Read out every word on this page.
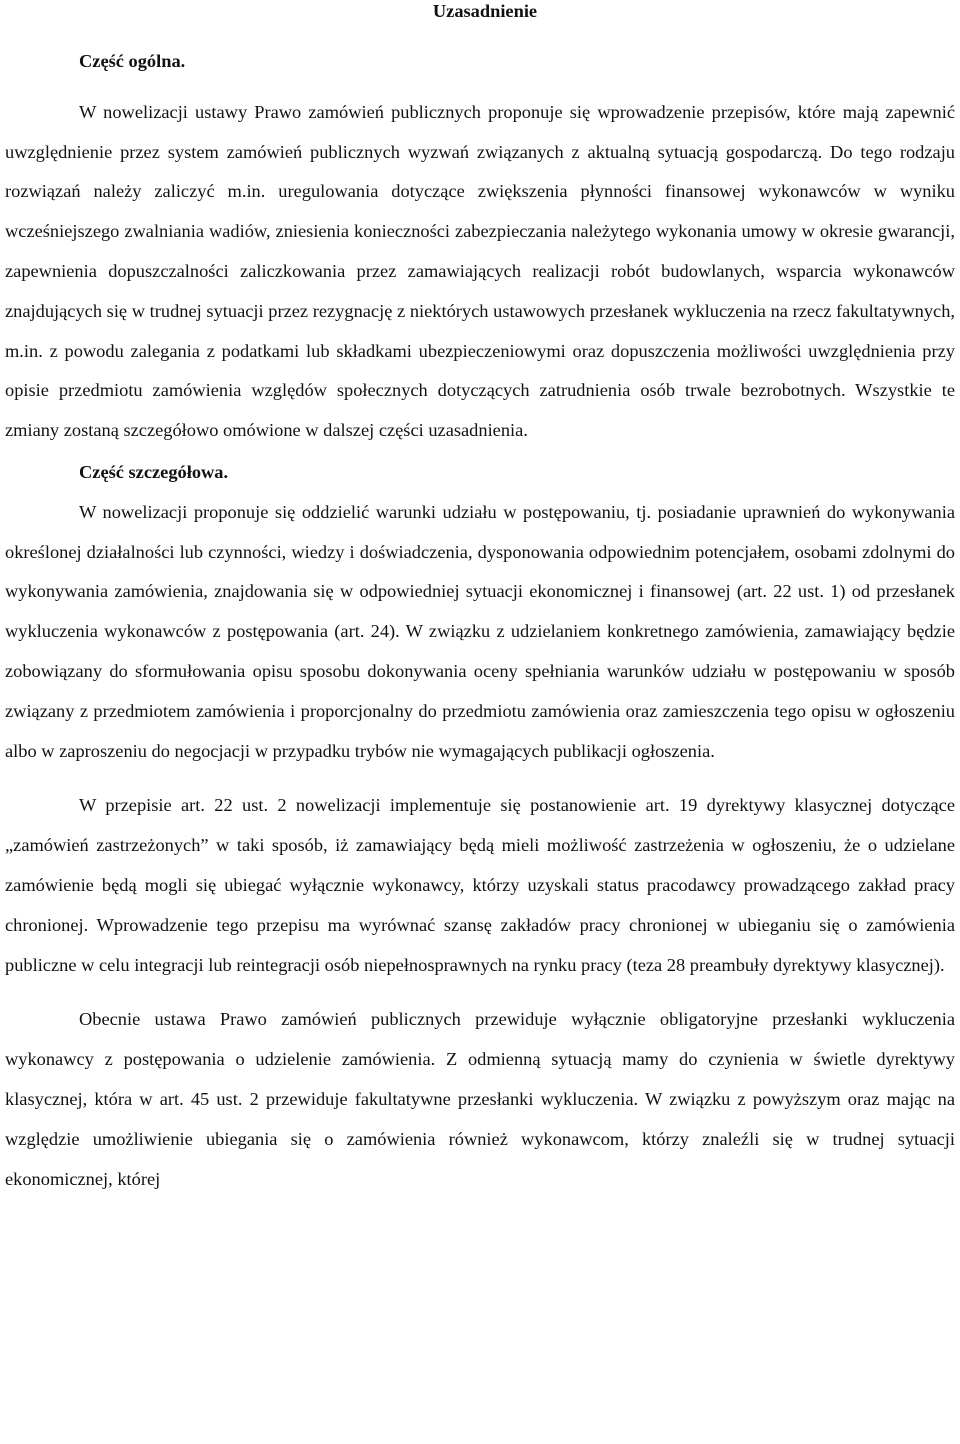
Uzasadnienie

Część ogólna.

W nowelizacji ustawy Prawo zamówień publicznych proponuje się wprowadzenie przepisów, które mają zapewnić uwzględnienie przez system zamówień publicznych wyzwań związanych z aktualną sytuacją gospodarczą. Do tego rodzaju rozwiązań należy zaliczyć m.in. uregulowania dotyczące zwiększenia płynności finansowej wykonawców w wyniku wcześniejszego zwalniania wadiów, zniesienia konieczności zabezpieczania należytego wykonania umowy w okresie gwarancji, zapewnienia dopuszczalności zaliczkowania przez zamawiających realizacji robót budowlanych, wsparcia wykonawców znajdujących się w trudnej sytuacji przez rezygnację z niektórych ustawowych przesłanek wykluczenia na rzecz fakultatywnych, m.in. z powodu zalegania z podatkami lub składkami ubezpieczeniowymi oraz dopuszczenia możliwości uwzględnienia przy opisie przedmiotu zamówienia względów społecznych dotyczących zatrudnienia osób trwale bezrobotnych. Wszystkie te zmiany zostaną szczegółowo omówione w dalszej części uzasadnienia.

Część szczegółowa.

W nowelizacji proponuje się oddzielić warunki udziału w postępowaniu, tj. posiadanie uprawnień do wykonywania określonej działalności lub czynności, wiedzy i doświadczenia, dysponowania odpowiednim potencjałem, osobami zdolnymi do wykonywania zamówienia, znajdowania się w odpowiedniej sytuacji ekonomicznej i finansowej (art. 22 ust. 1) od przesłanek wykluczenia wykonawców z postępowania (art. 24). W związku z udzielaniem konkretnego zamówienia, zamawiający będzie zobowiązany do sformułowania opisu sposobu dokonywania oceny spełniania warunków udziału w postępowaniu w sposób związany z przedmiotem zamówienia i proporcjonalny do przedmiotu zamówienia oraz zamieszczenia tego opisu w ogłoszeniu albo w zaproszeniu do negocjacji w przypadku trybów nie wymagających publikacji ogłoszenia.

W przepisie art. 22 ust. 2 nowelizacji implementuje się postanowienie art. 19 dyrektywy klasycznej dotyczące „zamówień zastrzeżonych” w taki sposób, iż zamawiający będą mieli możliwość zastrzeżenia w ogłoszeniu, że o udzielane zamówienie będą mogli się ubiegać wyłącznie wykonawcy, którzy uzyskali status pracodawcy prowadzącego zakład pracy chronionej. Wprowadzenie tego przepisu ma wyrównać szansę zakładów pracy chronionej w ubieganiu się o zamówienia publiczne w celu integracji lub reintegracji osób niepełnosprawnych na rynku pracy (teza 28 preambuły dyrektywy klasycznej).

Obecnie ustawa Prawo zamówień publicznych przewiduje wyłącznie obligatoryjne przesłanki wykluczenia wykonawcy z postępowania o udzielenie zamówienia. Z odmienną sytuacją mamy do czynienia w świetle dyrektywy klasycznej, która w art. 45 ust. 2 przewiduje fakultatywne przesłanki wykluczenia. W związku z powyższym oraz mając na względzie umożliwienie ubiegania się o zamówienia również wykonawcom, którzy znaleźli się w trudnej sytuacji ekonomicznej, której
